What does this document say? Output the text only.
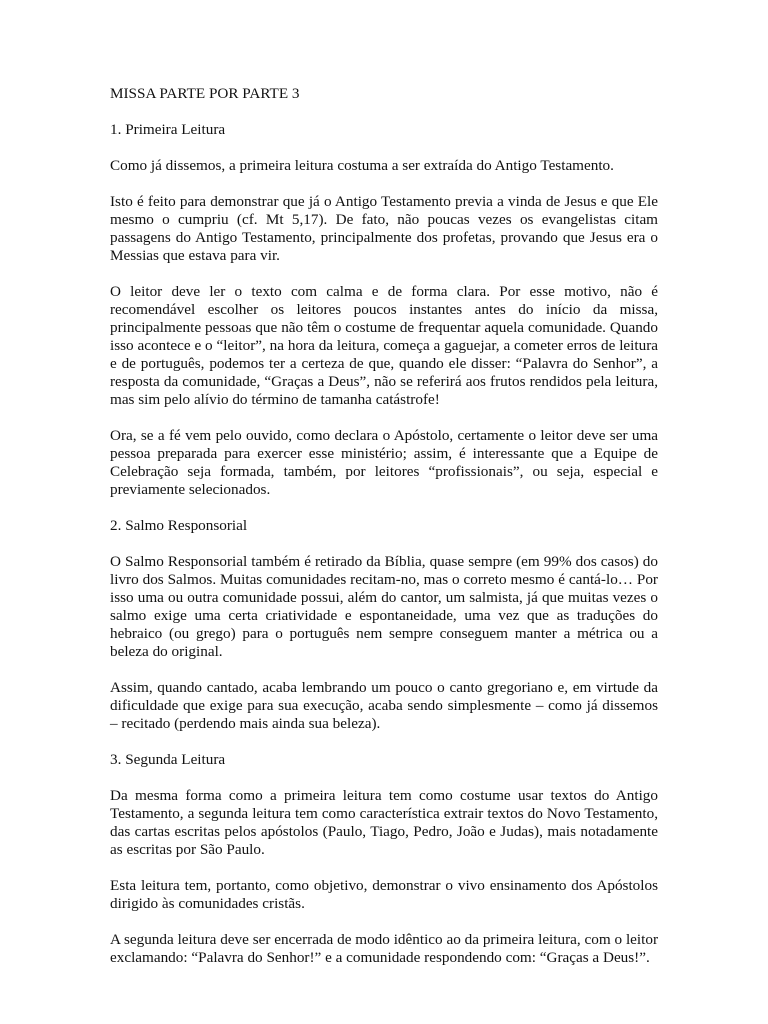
MISSA PARTE POR PARTE 3

1. Primeira Leitura

Como já dissemos, a primeira leitura costuma a ser extraída do Antigo Testamento.

Isto é feito para demonstrar que já o Antigo Testamento previa a vinda de Jesus e que Ele mesmo o cumpriu (cf. Mt 5,17). De fato, não poucas vezes os evangelistas citam passagens do Antigo Testamento, principalmente dos profetas, provando que Jesus era o Messias que estava para vir.

O leitor deve ler o texto com calma e de forma clara. Por esse motivo, não é recomendável escolher os leitores poucos instantes antes do início da missa, principalmente pessoas que não têm o costume de frequentar aquela comunidade. Quando isso acontece e o “leitor”, na hora da leitura, começa a gaguejar, a cometer erros de leitura e de português, podemos ter a certeza de que, quando ele disser: “Palavra do Senhor”, a resposta da comunidade, “Graças a Deus”, não se referirá aos frutos rendidos pela leitura, mas sim pelo alívio do término de tamanha catástrofe!

Ora, se a fé vem pelo ouvido, como declara o Apóstolo, certamente o leitor deve ser uma pessoa preparada para exercer esse ministério; assim, é interessante que a Equipe de Celebração seja formada, também, por leitores “profissionais”, ou seja, especial e previamente selecionados.

2. Salmo Responsorial

O Salmo Responsorial também é retirado da Bíblia, quase sempre (em 99% dos casos) do livro dos Salmos. Muitas comunidades recitam-no, mas o correto mesmo é cantá-lo… Por isso uma ou outra comunidade possui, além do cantor, um salmista, já que muitas vezes o salmo exige uma certa criatividade e espontaneidade, uma vez que as traduções do hebraico (ou grego) para o português nem sempre conseguem manter a métrica ou a beleza do original.

Assim, quando cantado, acaba lembrando um pouco o canto gregoriano e, em virtude da dificuldade que exige para sua execução, acaba sendo simplesmente – como já dissemos – recitado (perdendo mais ainda sua beleza).

3. Segunda Leitura

Da mesma forma como a primeira leitura tem como costume usar textos do Antigo Testamento, a segunda leitura tem como característica extrair textos do Novo Testamento, das cartas escritas pelos apóstolos (Paulo, Tiago, Pedro, João e Judas), mais notadamente as escritas por São Paulo.

Esta leitura tem, portanto, como objetivo, demonstrar o vivo ensinamento dos Apóstolos dirigido às comunidades cristãs.

A segunda leitura deve ser encerrada de modo idêntico ao da primeira leitura, com o leitor exclamando: “Palavra do Senhor!” e a comunidade respondendo com: “Graças a Deus!”.
